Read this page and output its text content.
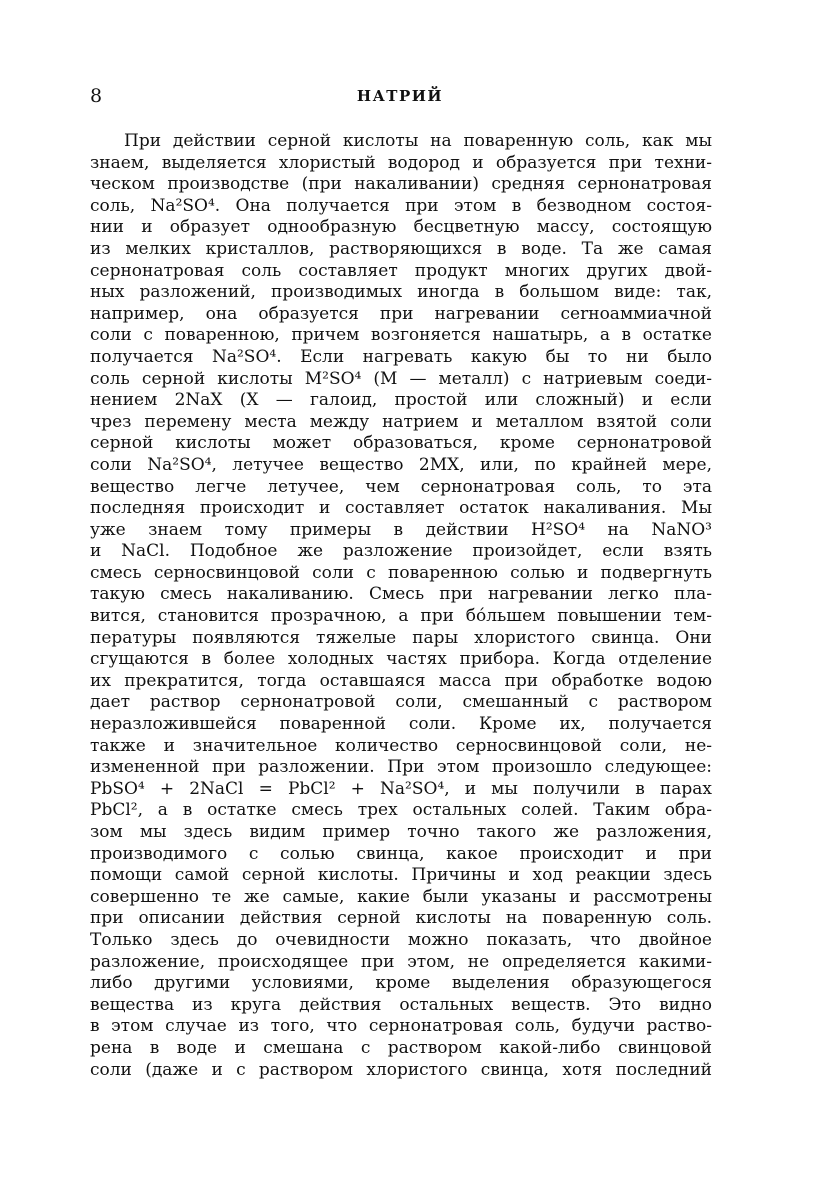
8	НАТРИЙ
При действии серной кислоты на поваренную соль, как мы
знаем, выделяется хлористый водород и образуется при техни-
ческом производстве (при накаливании) средняя сернонатровая
соль, Na²SO⁴. Она получается при этом в безводном состоя-
нии и образует однообразную бесцветную массу, состоящую
из мелких кристаллов, растворяющихся в воде. Та же самая
сернонатровая соль составляет продукт многих других двой-
ных разложений, производимых иногда в большом виде: так,
например, она образуется при нагревании сerноаммиачной
соли с поваренною, причем возгоняется нашатырь, а в остатке
получается Na²SO⁴. Если нагревать какую бы то ни было
соль серной кислоты M²SO⁴ (M — металл) с натриевым соеди-
нением 2NaX (X — галоид, простой или сложный) и если
чрез перемену места между натрием и металлом взятой соли
серной кислоты может образоваться, кроме сернонатровой
соли Na²SO⁴, летучее вещество 2MX, или, по крайней мере,
вещество легче летучее, чем сернонатровая соль, то эта
последняя происходит и составляет остаток накаливания. Мы
уже знаем тому примеры в действии H²SO⁴ на NaNO³
и NaCl. Подобное же разложение произойдет, если взять
смесь серносвинцовой соли с поваренною солью и подвергнуть
такую смесь накаливанию. Смесь при нагревании легко пла-
вится, становится прозрачною, а при бо́льшем повышении тем-
пературы появляются тяжелые пары хлористого свинца. Они
сгущаются в более холодных частях прибора. Когда отделение
их прекратится, тогда оставшаяся масса при обработке водою
дает раствор сернонатровой соли, смешанный с раствором
неразложившейся поваренной соли. Кроме их, получается
также и значительное количество серносвинцовой соли, не-
измененной при разложении. При этом произошло следующее:
PbSO⁴ + 2NaCl = PbCl² + Na²SO⁴, и мы получили в парах
PbCl², а в остатке смесь трех остальных солей. Таким обра-
зом мы здесь видим пример точно такого же разложения,
производимого с солью свинца, какое происходит и при
помощи самой серной кислоты. Причины и ход реакции здесь
совершенно те же самые, какие были указаны и рассмотрены
при описании действия серной кислоты на поваренную соль.
Только здесь до очевидности можно показать, что двойное
разложение, происходящее при этом, не определяется какими-
либо другими условиями, кроме выделения образующегося
вещества из круга действия остальных веществ. Это видно
в этом случае из того, что сернонатровая соль, будучи раство-
рена в воде и смешана с раствором какой-либо свинцовой
соли (даже и с раствором хлористого свинца, хотя последний
